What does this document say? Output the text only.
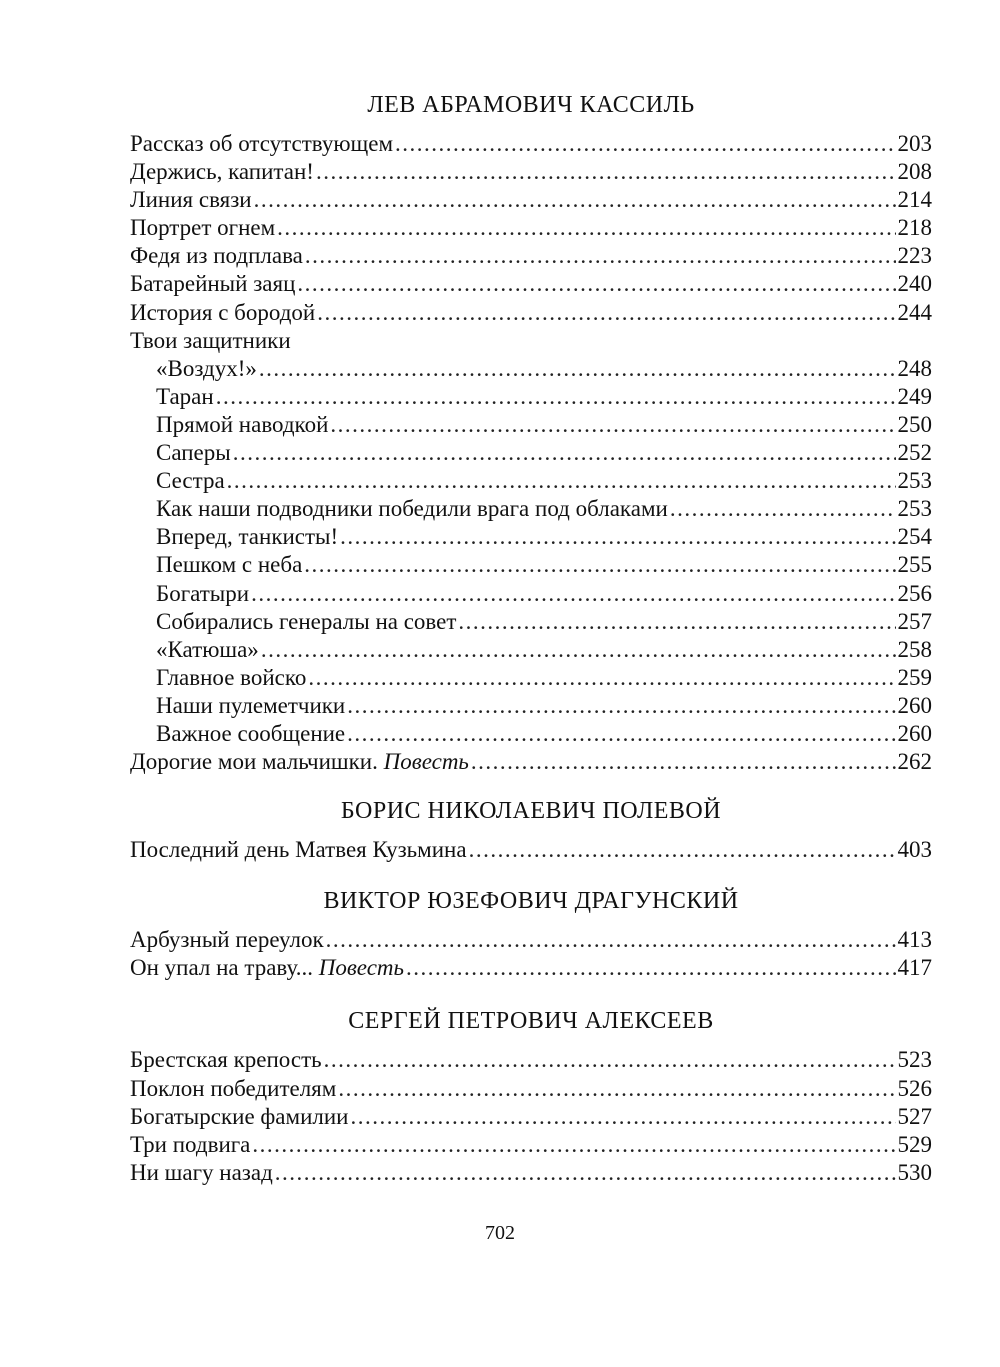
ЛЕВ АБРАМОВИЧ КАССИЛЬ
Рассказ об отсутствующем .....	203
Держись, капитан! .....	208
Линия связи .....	214
Портрет огнем .....	218
Федя из подплава .....	223
Батарейный заяц .....	240
История с бородой .....	244
Твои защитники
«Воздух!» .....	248
Таран .....	249
Прямой наводкой .....	250
Саперы .....	252
Сестра .....	253
Как наши подводники победили врага под облаками .....	253
Вперед, танкисты! .....	254
Пешком с неба .....	255
Богатыри .....	256
Собирались генералы на совет .....	257
«Катюша» .....	258
Главное войско .....	259
Наши пулеметчики .....	260
Важное сообщение .....	260
Дорогие мои мальчишки. Повесть .....	262
БОРИС НИКОЛАЕВИЧ ПОЛЕВОЙ
Последний день Матвея Кузьмина .....	403
ВИКТОР ЮЗЕФОВИЧ ДРАГУНСКИЙ
Арбузный переулок .....	413
Он упал на траву... Повесть .....	417
СЕРГЕЙ ПЕТРОВИЧ АЛЕКСЕЕВ
Брестская крепость .....	523
Поклон победителям .....	526
Богатырские фамилии .....	527
Три подвига .....	529
Ни шагу назад .....	530
702
